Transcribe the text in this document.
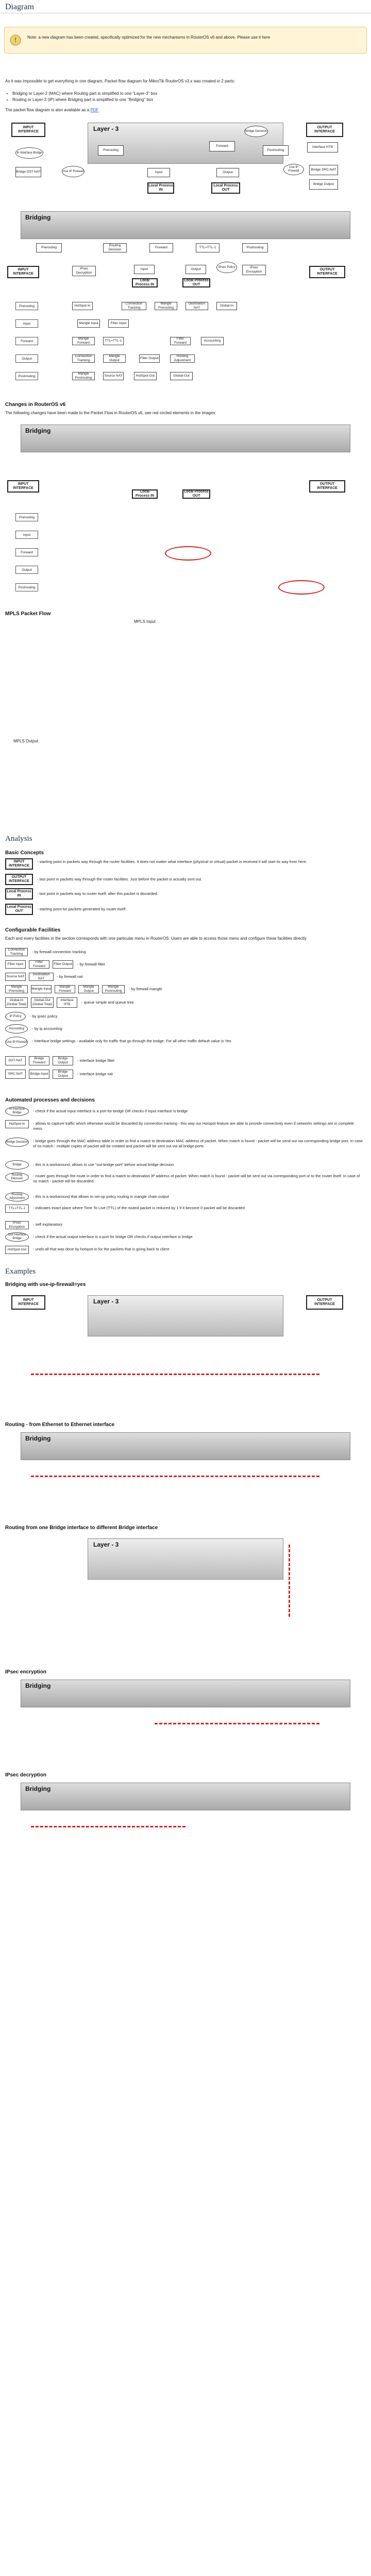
Diagram
!	Note: a new diagram has been created, specifically optimized for the new mechanisms in RouterOS v6 and above. Please use it here

As it was impossible to get everything in one diagram, Packet flow diagram for MikroTik RouterOS v3.x was created in 2 parts:

• Bridging or Layer-2 (MAC) where Routing part is simplified to one "Layer-3" box
• Routing or Layer-3 (IP) where Bridging part is simplified to one "Bridging" box

The packet flow diagram is also available as a PDF

Layer - 3
INPUT INTERFACE
OUTPUT INTERFACE
Interface HTB
Prerouting
Forward
Input	Output
Postrouting
Local Process IN
Local Process OUT
Bridge DST-NAT
Bridge SRC-NAT
Bridge Output
Bridge Decision
In Interface Bridge
Use IP Firewall
Use IP Firewall
Bridging
Prerouting
Routing Decision
Forward	TTL=TTL-1	Postrouting
INPUT INTERFACE
OUTPUT INTERFACE
IPsec Decryption
Input	Output	IPsec Encryption
Local Process IN
Local Process OUT
IPsec Policy
Prerouting	HotSpot-In
Connection Tracking
Mangle Prerouting
Destination NAT
Global-In
Input	Mangle Input	Filter Input
Forward
Mangle Forward
TTL=TTL-1
Filter Forward
Accounting
Output
Connection Tracking
Mangle Output
Filter Output
Routing Adjustment
Postrouting
Mangle Postrouting
Source NAT	HotSpot-Out	Global-Out
Changes in RouterOS v6

The following changes have been made to the Packet Flow in RouterOS v6, see red circled elements in the images:

Bridging
INPUT INTERFACE
OUTPUT INTERFACE
Local Process IN
Local Process OUT
Prerouting
Input
Forward
Output
Postrouting
MPLS Packet Flow
MPLS Input
MPLS Output
Analysis
Basic Concepts
INPUT INTERFACE

- starting point in packets way through the router facilities. It does not matter what interface (physical or virtual) packet is received it will start its way from here.

OUTPUT INTERFACE	- last point in packets way through the router facilities. Just before the packet is actually sent out.

Local Process IN	- last point in packets way to router itself, after this packet is discarded.

Local Process OUT	- starting point for packets generated by router itself.

Configurable Facilities

Each and every facilities in the section corresponds with one particular menu in RouterOS. Users are able to access those menu and configure these facilities directly

Connection Tracking	- by firewall connection tracking

Filter Input
Filter Forward
Filter Output - by firewall filter

Source NAT
Destination NAT	- by firewall nat

Mangle Prerouting
Mangle Input
Mangle Forward
Mangle Output
Mangle Postrouting	- by firewall mangle

Global-In (Global Total)
Global-Out (Global Total)
Interface HTB	- queue simple and queue tree

IP Policy	- by ipsec policy

Accounting	- by ip accounting

Use IP Firewall - Interface bridge settings - available only for traffic that go through the bridge. For all other traffic default value is Yes

DST-NAT
Bridge Forward
Bridge Output	- interface bridge filter

SRC-NAT	Bridge Input
Bridge Output	- interface bridge nat

Automated processes and decisions
In Interface Bridge	- check if the actual input interface is a port for bridge OR checks if input interface is bridge

HotSpot-In	- allows to capture traffic which otherwise would be discarded by connection tracking - this way our Hotspot feature are able to provide connectivity even if networks settings are in complete mess

Bridge Decision - bridge goes through the MAC address table in order to find a match to destination MAC address of packet. When match is found - packet will be send out via corresponding bridge port. In case of no match - multiple copies of packet will be created and packet will be sent out via all bridge ports

Bridge	- this is a workaround, allows to use "out-bridge-port" before actual bridge decision.

Routing Decision

- router goes through the route in order to find a match to destination IP address of packet. When match is found - packet will be sent out via corresponding port or to the router itself. In case of no match - packet will be discarded.

Routing Adjustment	- this is a workaround that allows to set-up policy routing in mangle chain output

TTL=TTL-1	- indicates exact place where Time To Live (TTL) of the routed packet is reduced by 1 if it become 0 packet will be discarded

IPsec Encryption

- self explanatory

Out Interface Bridge	- check if the actual output interface is a port for bridge OR checks if output interface is bridge

HotSpot-Out	- undo all that was done by hotspot-in for the packets that is going back to client

Examples
Bridging with use-ip-firewall=yes
Layer - 3
INPUT INTERFACE
OUTPUT INTERFACE
Routing - from Ethernet to Ethernet interface
Bridging
Routing from one Bridge interface to different Bridge interface
Layer - 3
IPsec encryption
Bridging
IPsec decryption
Bridging
